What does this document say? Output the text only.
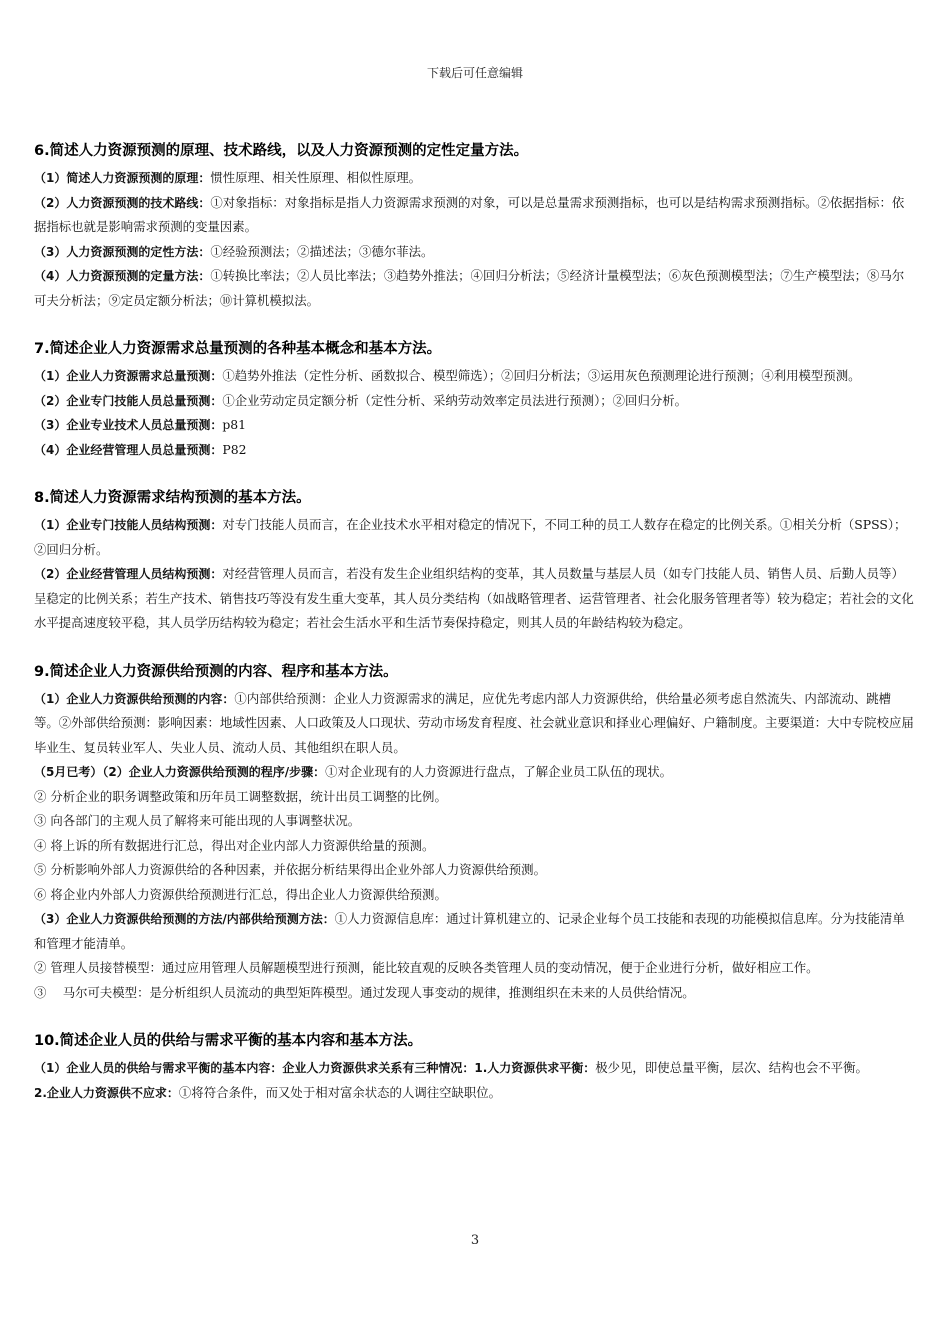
下载后可任意编辑
6.简述人力资源预测的原理、技术路线，以及人力资源预测的定性定量方法。

（1）简述人力资源预测的原理：惯性原理、相关性原理、相似性原理。

（2）人力资源预测的技术路线：①对象指标：对象指标是指人力资源需求预测的对象，可以是总量需求预测指标，也可以是结构需求预测指标。②依据指标：依据指标也就是影响需求预测的变量因素。

（3）人力资源预测的定性方法：①经验预测法；②描述法；③德尔菲法。

（4）人力资源预测的定量方法：①转换比率法；②人员比率法；③趋势外推法；④回归分析法；⑤经济计量模型法；⑥灰色预测模型法；⑦生产模型法；⑧马尔可夫分析法；⑨定员定额分析法；⑩计算机模拟法。

7.简述企业人力资源需求总量预测的各种基本概念和基本方法。

（1）企业人力资源需求总量预测：①趋势外推法（定性分析、函数拟合、模型筛选）；②回归分析法；③运用灰色预测理论进行预测；④利用模型预测。

（2）企业专门技能人员总量预测：①企业劳动定员定额分析（定性分析、采纳劳动效率定员法进行预测）；②回归分析。

（3）企业专业技术人员总量预测：p81

（4）企业经营管理人员总量预测：P82

8.简述人力资源需求结构预测的基本方法。

（1）企业专门技能人员结构预测：对专门技能人员而言，在企业技术水平相对稳定的情况下，不同工种的员工人数存在稳定的比例关系。①相关分析（SPSS）；②回归分析。

（2）企业经营管理人员结构预测：对经营管理人员而言，若没有发生企业组织结构的变革，其人员数量与基层人员（如专门技能人员、销售人员、后勤人员等）呈稳定的比例关系；若生产技术、销售技巧等没有发生重大变革，其人员分类结构（如战略管理者、运营管理者、社会化服务管理者等）较为稳定；若社会的文化水平提高速度较平稳，其人员学历结构较为稳定；若社会生活水平和生活节奏保持稳定，则其人员的年龄结构较为稳定。

9.简述企业人力资源供给预测的内容、程序和基本方法。

（1）企业人力资源供给预测的内容：①内部供给预测：企业人力资源需求的满足，应优先考虑内部人力资源供给，供给量必须考虑自然流失、内部流动、跳槽等。②外部供给预测：影响因素：地域性因素、人口政策及人口现状、劳动市场发育程度、社会就业意识和择业心理偏好、户籍制度。主要渠道：大中专院校应届毕业生、复员转业军人、失业人员、流动人员、其他组织在职人员。

（5月已考）（2）企业人力资源供给预测的程序/步骤：①对企业现有的人力资源进行盘点，了解企业员工队伍的现状。

② 分析企业的职务调整政策和历年员工调整数据，统计出员工调整的比例。

③ 向各部门的主观人员了解将来可能出现的人事调整状况。

④ 将上诉的所有数据进行汇总，得出对企业内部人力资源供给量的预测。

⑤ 分析影响外部人力资源供给的各种因素，并依据分析结果得出企业外部人力资源供给预测。

⑥ 将企业内外部人力资源供给预测进行汇总，得出企业人力资源供给预测。

（3）企业人力资源供给预测的方法/内部供给预测方法：①人力资源信息库：通过计算机建立的、记录企业每个员工技能和表现的功能模拟信息库。分为技能清单和管理才能清单。

② 管理人员接替模型：通过应用管理人员解题模型进行预测，能比较直观的反映各类管理人员的变动情况，便于企业进行分析，做好相应工作。

③　 马尔可夫模型：是分析组织人员流动的典型矩阵模型。通过发现人事变动的规律，推测组织在未来的人员供给情况。

10.简述企业人员的供给与需求平衡的基本内容和基本方法。

（1）企业人员的供给与需求平衡的基本内容：企业人力资源供求关系有三种情况：1.人力资源供求平衡：极少见，即使总量平衡，层次、结构也会不平衡。

2.企业人力资源供不应求：①将符合条件，而又处于相对富余状态的人调往空缺职位。

3
